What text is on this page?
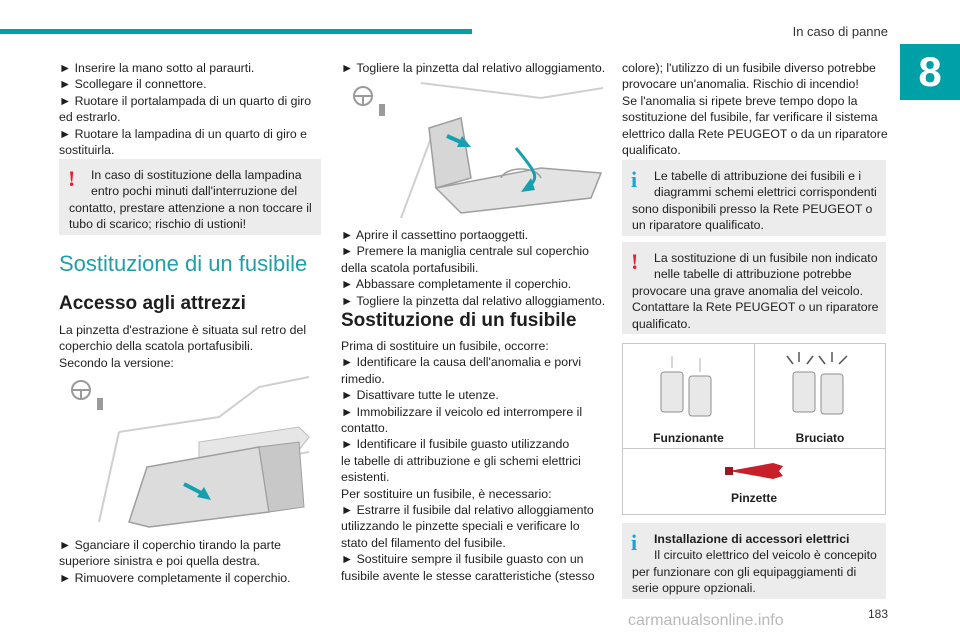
In caso di panne
8
► Inserire la mano sotto al paraurti.
► Scollegare il connettore.
► Ruotare il portalampada di un quarto di giro
ed estrarlo.
► Ruotare la lampadina di un quarto di giro e
sostituirla.
!	In caso di sostituzione della lampadina
entro pochi minuti dall'interruzione del
contatto, prestare attenzione a non toccare il
tubo di scarico; rischio di ustioni!
Sostituzione di un fusibile
Accesso agli attrezzi
La pinzetta d'estrazione è situata sul retro del
coperchio della scatola portafusibili.
Secondo la versione:
► Sganciare il coperchio tirando la parte
superiore sinistra e poi quella destra.
► Rimuovere completamente il coperchio.
► Togliere la pinzetta dal relativo alloggiamento.
► Aprire il cassettino portaoggetti.
► Premere la maniglia centrale sul coperchio
della scatola portafusibili.
► Abbassare completamente il coperchio.
► Togliere la pinzetta dal relativo alloggiamento.
Sostituzione di un fusibile
Prima di sostituire un fusibile, occorre:
► Identificare la causa dell'anomalia e porvi
rimedio.
► Disattivare tutte le utenze.
► Immobilizzare il veicolo ed interrompere il
contatto.
► Identificare il fusibile guasto utilizzando
le tabelle di attribuzione e gli schemi elettrici
esistenti.
Per sostituire un fusibile, è necessario:
► Estrarre il fusibile dal relativo alloggiamento
utilizzando le pinzette speciali e verificare lo
stato del filamento del fusibile.
► Sostituire sempre il fusibile guasto con un
fusibile avente le stesse caratteristiche (stesso
colore); l'utilizzo di un fusibile diverso potrebbe
provocare un'anomalia. Rischio di incendio!
Se l'anomalia si ripete breve tempo dopo la
sostituzione del fusibile, far verificare il sistema
elettrico dalla Rete PEUGEOT o da un riparatore
qualificato.
i	Le tabelle di attribuzione dei fusibili e i
diagrammi schemi elettrici corrispondenti
sono disponibili presso la Rete PEUGEOT o
un riparatore qualificato.
!	La sostituzione di un fusibile non indicato
nelle tabelle di attribuzione potrebbe
provocare una grave anomalia del veicolo.
Contattare la Rete PEUGEOT o un riparatore
qualificato.
Funzionante	Bruciato
Pinzette
i	Installazione di accessori elettrici
Il circuito elettrico del veicolo è concepito
per funzionare con gli equipaggiamenti di
serie oppure opzionali.
183
carmanualsonline.info
